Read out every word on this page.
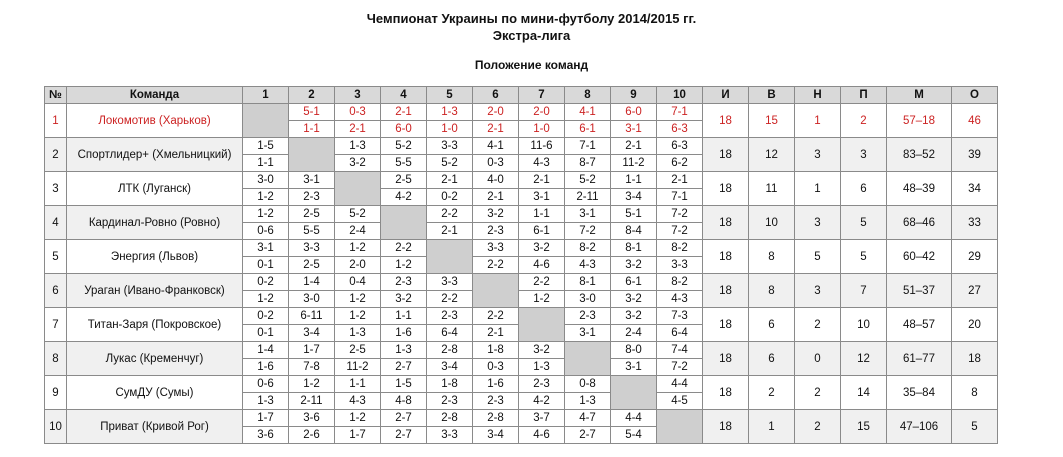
Чемпионат Украины по мини-футболу 2014/2015 гг.
Экстра-лига
Положение команд
№	Команда	1	2	3	4	5	6	7	8	9	10	И	В	Н	П	М	О
1	Локомотив (Харьков)		5-1	0-3	2-1	1-3	2-0	2-0	4-1	6-0	7-1	18	15	1	2	57–18	46
			1-1	2-1	6-0	1-0	2-1	1-0	6-1	3-1	6-3						
2	Спортлидер+ (Хмельницкий)	1-5		1-3	5-2	3-3	4-1	11-6	7-1	2-1	6-3	18	12	3	3	83–52	39
		1-1		3-2	5-5	5-2	0-3	4-3	8-7	11-2	6-2						
3	ЛТК (Луганск)	3-0	3-1		2-5	2-1	4-0	2-1	5-2	1-1	2-1	18	11	1	6	48–39	34
		1-2	2-3		4-2	0-2	2-1	3-1	2-11	3-4	7-1						
4	Кардинал-Ровно (Ровно)	1-2	2-5	5-2		2-2	3-2	1-1	3-1	5-1	7-2	18	10	3	5	68–46	33
		0-6	5-5	2-4		2-1	2-3	6-1	7-2	8-4	7-2						
5	Энергия (Львов)	3-1	3-3	1-2	2-2		3-3	3-2	8-2	8-1	8-2	18	8	5	5	60–42	29
		0-1	2-5	2-0	1-2		2-2	4-6	4-3	3-2	3-3						
6	Ураган (Ивано-Франковск)	0-2	1-4	0-4	2-3	3-3		2-2	8-1	6-1	8-2	18	8	3	7	51–37	27
		1-2	3-0	1-2	3-2	2-2		1-2	3-0	3-2	4-3						
7	Титан-Заря (Покровское)	0-2	6-11	1-2	1-1	2-3	2-2		2-3	3-2	7-3	18	6	2	10	48–57	20
		0-1	3-4	1-3	1-6	6-4	2-1		3-1	2-4	6-4						
8	Лукас (Кременчуг)	1-4	1-7	2-5	1-3	2-8	1-8	3-2		8-0	7-4	18	6	0	12	61–77	18
		1-6	7-8	11-2	2-7	3-4	0-3	1-3		3-1	7-2						
9	СумДУ (Сумы)	0-6	1-2	1-1	1-5	1-8	1-6	2-3	0-8		4-4	18	2	2	14	35–84	8
		1-3	2-11	4-3	4-8	2-3	2-3	4-2	1-3		4-5						
10	Приват (Кривой Рог)	1-7	3-6	1-2	2-7	2-8	2-8	3-7	4-7	4-4		18	1	2	15	47–106	5
		3-6	2-6	1-7	2-7	3-3	3-4	4-6	2-7	5-4							
